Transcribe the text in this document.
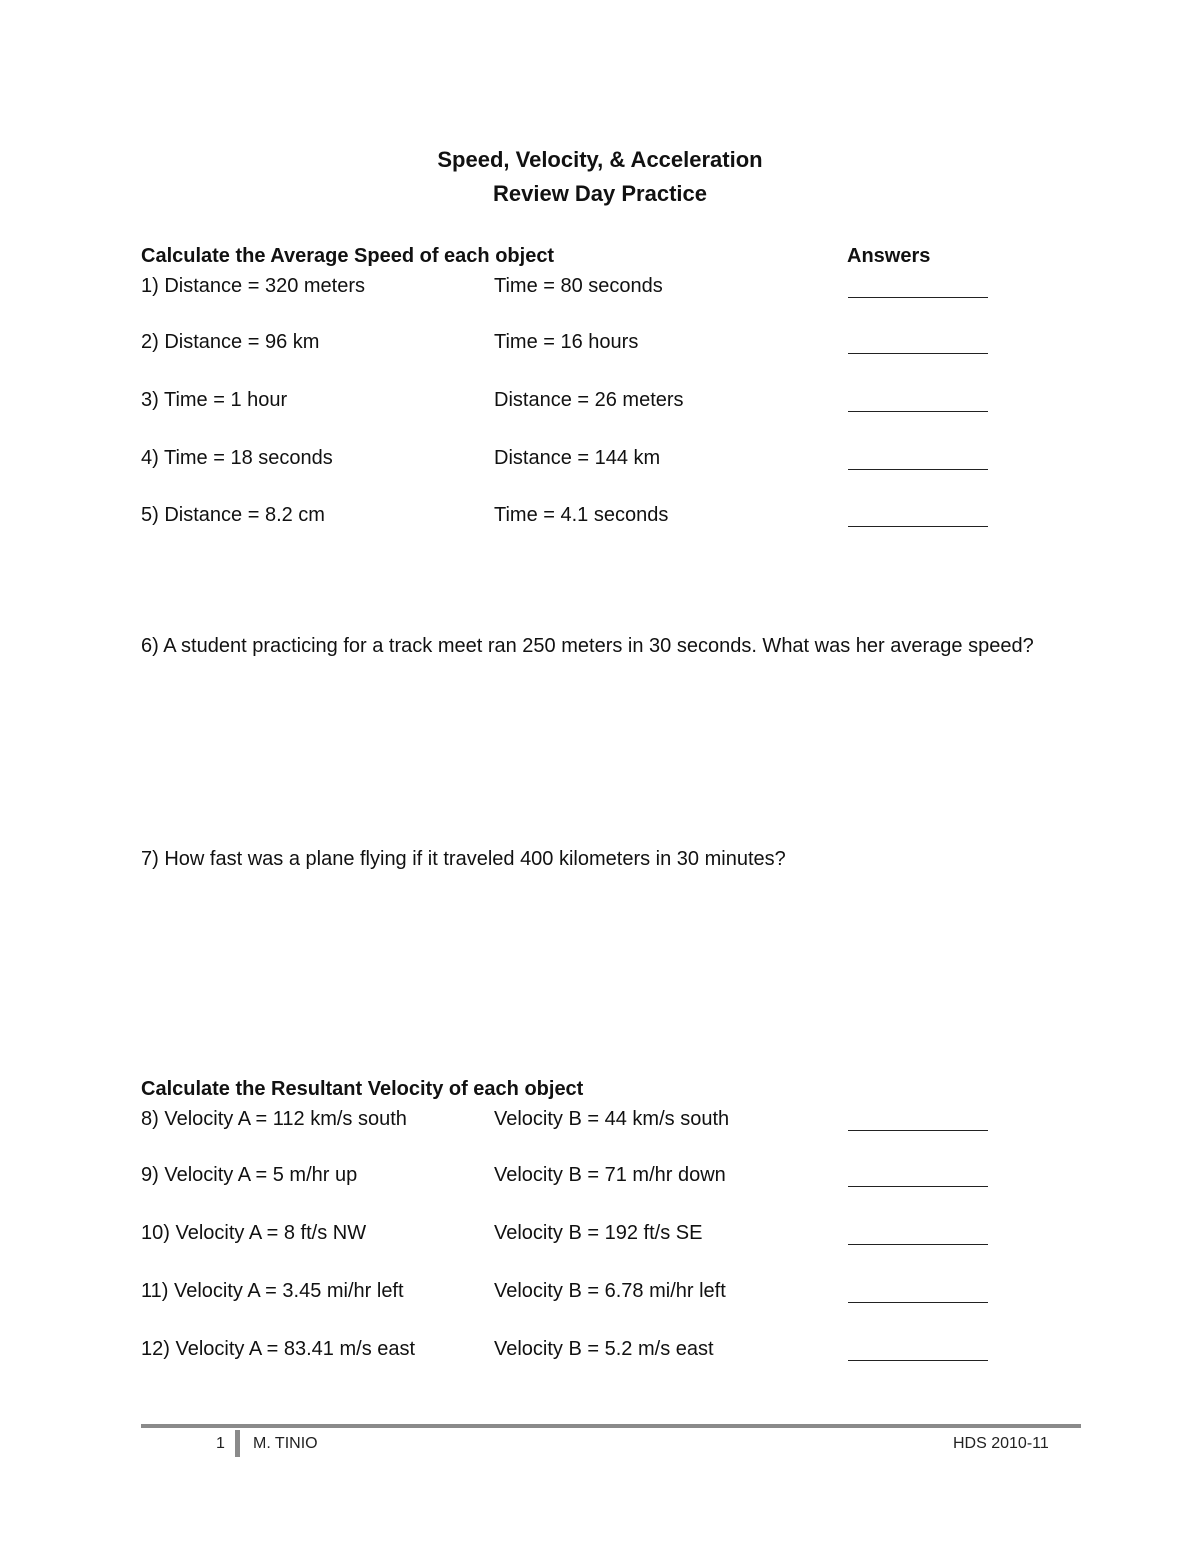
Speed, Velocity, & Acceleration
Review Day Practice
Calculate the Average Speed of each object	Answers
1) Distance = 320 meters	Time = 80 seconds
2) Distance = 96 km	Time = 16 hours
3) Time = 1 hour	Distance = 26 meters
4) Time = 18 seconds	Distance = 144 km
5) Distance = 8.2 cm	Time = 4.1 seconds
6) A student practicing for a track meet ran 250 meters in 30 seconds. What was her average speed?
7) How fast was a plane flying if it traveled 400 kilometers in 30 minutes?
Calculate the Resultant Velocity of each object
8) Velocity A = 112 km/s south	Velocity B = 44 km/s south
9) Velocity A = 5 m/hr up	Velocity B = 71 m/hr down
10) Velocity A = 8 ft/s NW	Velocity B = 192 ft/s SE
11) Velocity A = 3.45 mi/hr left	Velocity B = 6.78 mi/hr left
12) Velocity A = 83.41 m/s east	Velocity B = 5.2 m/s east
1 M. TINIO	HDS 2010-11
